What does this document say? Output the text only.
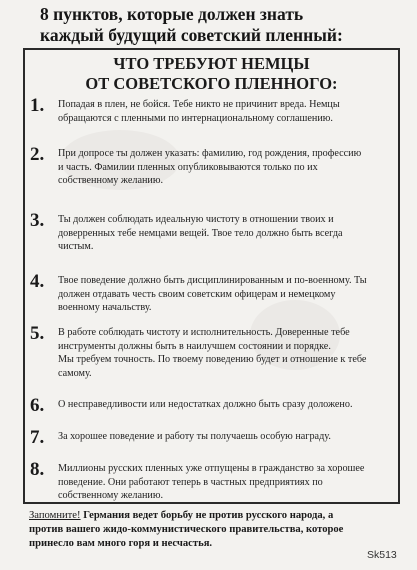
8 пунктов, которые должен знать
каждый будущий советский пленный:
ЧТО ТРЕБУЮТ НЕМЦЫ
ОТ СОВЕТСКОГО ПЛЕННОГО:
1.	Попадая в плен, не бойся. Тебе никто не причинит вреда. Немцы
обращаются с пленными по интернациональному соглашению.
2.	При допросе ты должен указать: фамилию, год рождения, профессию
и часть. Фамилии пленных опубликовываются только по их
собственному желанию.
3.	Ты должен соблюдать идеальную чистоту в отношении твоих и
доверренных тебе немцами вещей. Твое тело должно быть всегда
чистым.
4.	Твое поведение должно быть дисциплинированным и по-военному. Ты
должен отдавать честь своим советским офицерам и немецкому
военному начальству.
5.	В работе соблюдать чистоту и исполнительность. Доверенные тебе
инструменты должны быть в наилучшем состоянии и порядке.
Мы требуем точность. По твоему поведению будет и отношение к тебе
самому.
6.	О несправедливости или недостатках должно быть сразу доложено.
7.	За хорошее поведение и работу ты получаешь особую награду.
8.	Миллионы русских пленных уже отпущены в гражданство за хорошее
поведение. Они работают теперь в частных предприятиях по
собственному желанию.
Запомните! Германия ведет борьбу не против русского народа, а
против вашего жидо-коммунистического правительства, которое
принесло вам много горя и несчастья.
Sk513
